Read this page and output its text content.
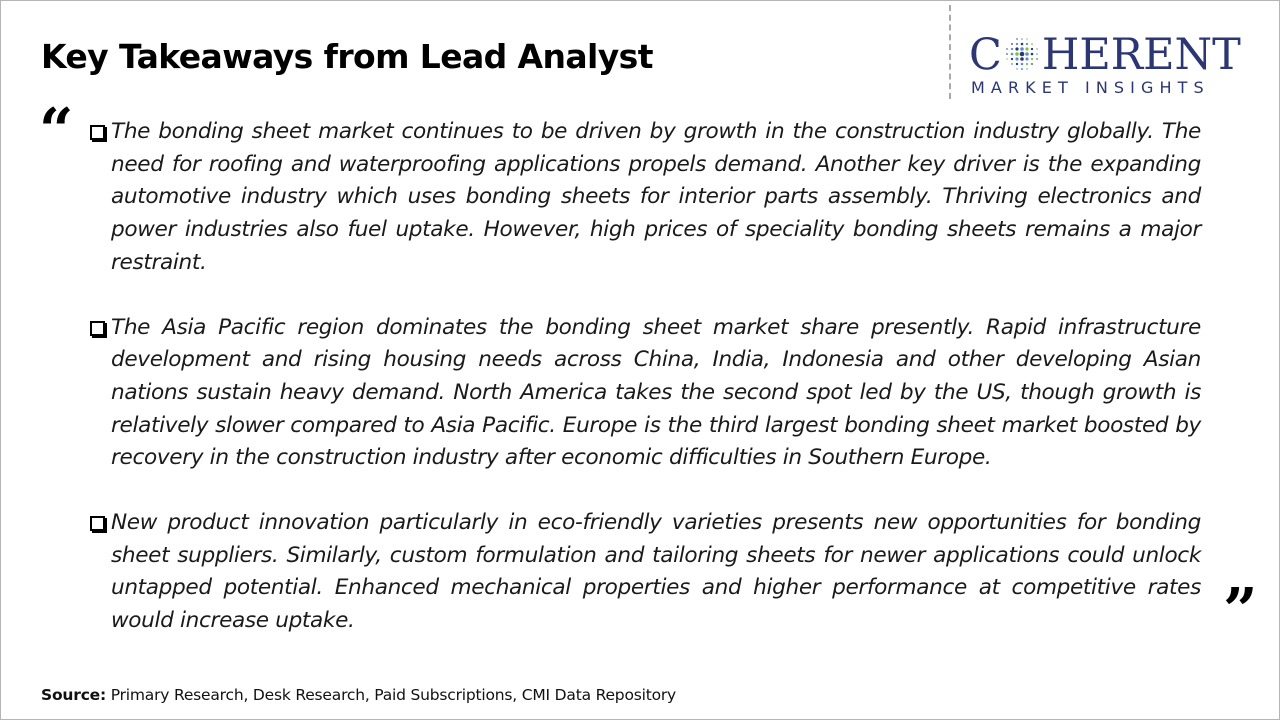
Key Takeaways from Lead Analyst	C HERENT
MARKET INSIGHTS
“ The bonding sheet market continues to be driven by growth in the construction industry globally. The need for roofing and waterproofing applications propels demand. Another key driver is the expanding automotive industry which uses bonding sheets for interior parts assembly. Thriving electronics and power industries also fuel uptake. However, high prices of speciality bonding sheets remains a major restraint.

The Asia Pacific region dominates the bonding sheet market share presently. Rapid infrastructure development and rising housing needs across China, India, Indonesia and other developing Asian nations sustain heavy demand. North America takes the second spot led by the US, though growth is relatively slower compared to Asia Pacific. Europe is the third largest bonding sheet market boosted by recovery in the construction industry after economic difficulties in Southern Europe.

New product innovation particularly in eco-friendly varieties presents new opportunities for bonding sheet suppliers. Similarly, custom formulation and tailoring sheets for newer applications could unlock untapped potential. Enhanced mechanical properties and higher performance at competitive rates would increase uptake.	”
Source: Primary Research, Desk Research, Paid Subscriptions, CMI Data Repository
